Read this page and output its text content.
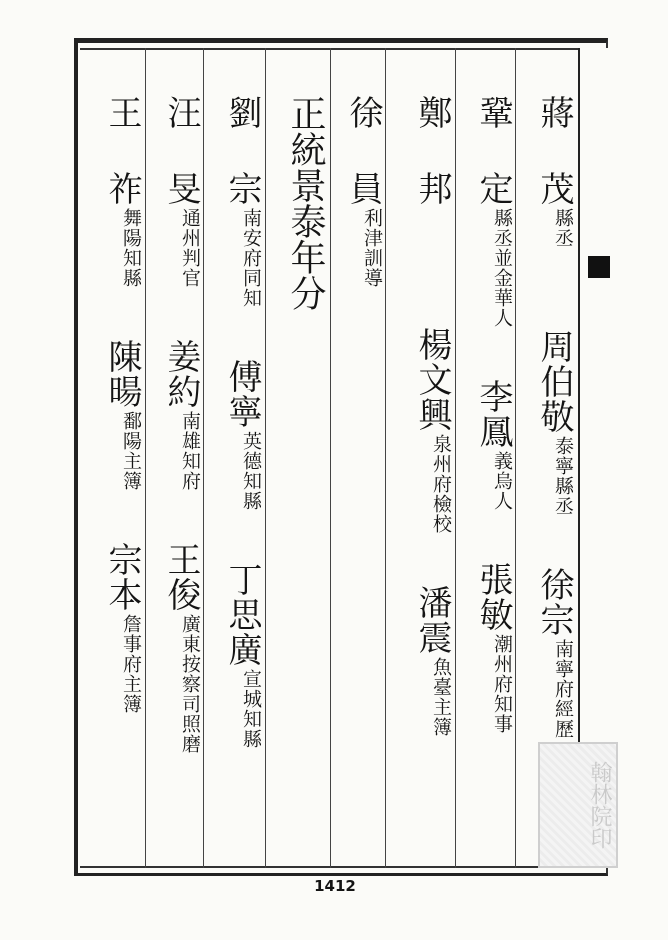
蔣 茂縣丞 周伯敬泰寧縣丞 徐宗南寧府經歷
鞏 定縣丞並金華人 李鳳義烏人 張敏潮州府知事
鄭 邦 楊文興泉州府檢校 潘震魚臺主簿
徐 員利津訓導
正統景泰年分
劉 宗南安府同知 傅寧英德知縣 丁思廣宣城知縣
汪 旻通州判官 姜約南雄知府 王俊廣東按察司照磨
王 祚舞陽知縣 陳暘鄱陽主簿 宗本詹事府主簿
翰林院印
1412
